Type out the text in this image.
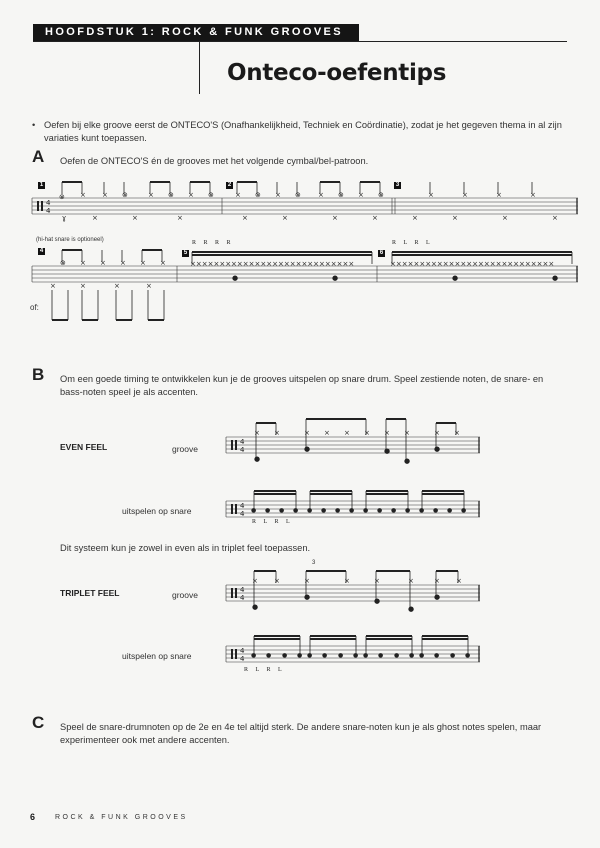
HOOFDSTUK 1: ROCK & FUNK GROOVES
Onteco-oefentips
• Oefen bij elke groove eerst de ONTECO'S (Onafhankelijkheid, Techniek en Coördinatie), zodat je het gegeven thema in al zijn variaties kunt toepassen.
A Oefen de ONTECO'S én de grooves met het volgende cymbal/bel-patroon.
4
4
⊗ × × ⊗	× ⊗ × ⊗	× ⊗ × ⊗ × ⊗ × ⊗	×	×	×	×
ɣ	×	×	×	×	×	×	×	×	×	×	×
1	2	3
(hi-hat snare is optioneel)
⊗ × × × × ×	××××××××××××××××××××××××××××	××××××××××××××××××××××××××××
×	×	×	×
●	●	●	●
4	5	6
R R R R	R L R L
of:
B Om een goede timing te ontwikkelen kun je de grooves uitspelen op snare drum. Speel zestiende noten, de snare- en bass-noten speel je als accenten.
EVEN FEEL	groove
4
4
× ×	× × × × × ×	× ×
●
●	●
●
●
uitspelen op snare	● ● ● ● ● ● ● ● ● ● ● ● ● ● ● ●
4
4
R L R L
Dit systeem kun je zowel in even als in triplet feel toepassen.
TRIPLET FEEL	groove	4
4
× ×	×	×	×	×	× ×
●
●	●
●
●
3
uitspelen op snare	4
4 ● ● ● ● ● ● ● ● ● ● ● ● ● ● ● ●
R L R L
C Speel de snare-drumnoten op de 2e en 4e tel altijd sterk. De andere snare-noten kun je als ghost notes spelen, maar experimenteer ook met andere accenten.
6	ROCK & FUNK GROOVES
